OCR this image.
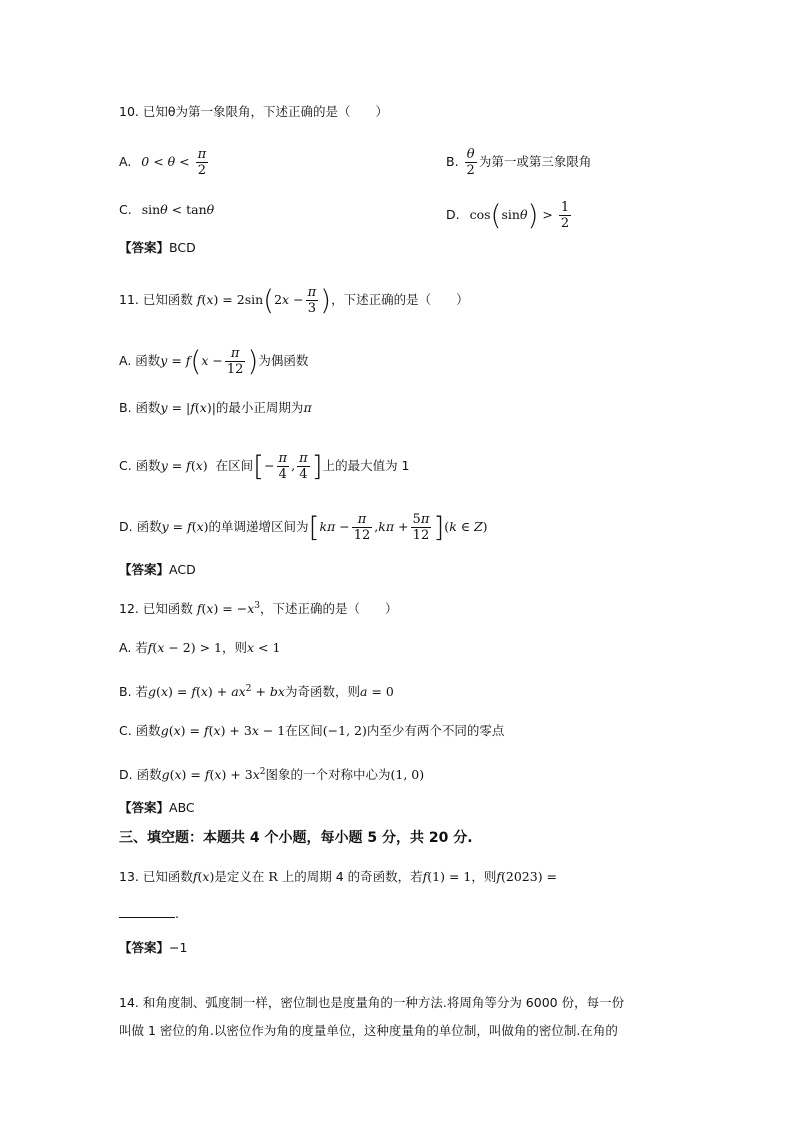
10. 已知θ为第一象限角，下述正确的是（　　）
A. $0 < \theta < \frac{\pi}{2}$	B. $\frac{\theta}{2}$ 为第一或第三象限角
C. sinθ < tanθ	D. $\cos(\sin\theta) > \frac{1}{2}$
【答案】BCD
11. 已知函数 $f(x) = 2\sin(2x - \frac{\pi}{3}$ )，下述正确的是（　　）
A. 函数$y = f(x - \frac{\pi}{12}$ )为偶函数
B. 函数y = |f(x)|的最小正周期为π
C. 函数y = f(x) 在区间[− $\frac{\pi}{4}$ , $\frac{\pi}{4}$ ]上的最大值为 1
D. 函数y = f(x)的单调递增区间为$[k\pi - \frac{\pi}{12} ,k\pi + \frac{5\pi}{12} ](k$ ∈ Z)
【答案】ACD
12. 已知函数 $f(x) = -x^3$，下述正确的是（　　）
A. 若f(x − 2) > 1，则x < 1
B. 若$g(x) = f(x) + ax^2$ + bx为奇函数，则a = 0
C. 函数g(x) = f(x) + 3x − 1在区间(−1, 2)内至少有两个不同的零点
D. 函数$g(x) = f(x) + 3x^2$图象的一个对称中心为(1, 0)
【答案】ABC
三、填空题：本题共 4 个小题，每小题 5 分，共 20 分.
13. 已知函数f(x)是定义在 R 上的周期 4 的奇函数，若f(1) = 1，则f(2023) =
.
【答案】−1
14. 和角度制、弧度制一样，密位制也是度量角的一种方法.将周角等分为 6000 份，每一份
叫做 1 密位的角.以密位作为角的度量单位，这种度量角的单位制，叫做角的密位制.在角的
